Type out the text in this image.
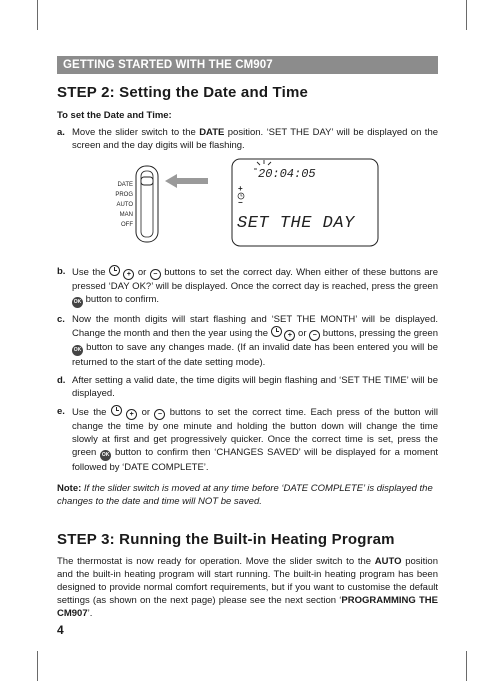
GETTING STARTED WITH THE CM907
STEP 2: Setting the Date and Time
To set the Date and Time:
a. Move the slider switch to the DATE position. ‘SET THE DAY’ will be displayed on the screen and the day digits will be flashing.
DATE
PROG
AUTO
MAN
OFF
+
−
20:04:05
SET THE DAY
b. Use the	+ or − buttons to set the correct day. When either of these buttons are pressed ‘DAY OK?’ will be displayed. Once the correct day is reached, press the green OK button to confirm.
c. Now the month digits will start flashing and ‘SET THE MONTH’ will be displayed. Change the month and then the year using the  + or − buttons, pressing the green OK button to save any changes made. (If an invalid date has been entered you will be returned to the start of the date setting mode).
d. After setting a valid date, the time digits will begin flashing and ‘SET THE TIME’ will be displayed.
e. Use the	+ or − buttons to set the correct time. Each press of the button will change the time by one minute and holding the button down will change the time slowly at first and get progressively quicker. Once the correct time is set, press the green OK button to confirm then ‘CHANGES SAVED’ will be displayed for a moment followed by ‘DATE COMPLETE’.
Note: If the slider switch is moved at any time before ‘DATE COMPLETE’ is displayed the changes to the date and time will NOT be saved.
STEP 3: Running the Built-in Heating Program
The thermostat is now ready for operation. Move the slider switch to the AUTO position and the built-in heating program will start running. The built-in heating program has been designed to provide normal comfort requirements, but if you want to customise the default settings (as shown on the next page) please see the next section ‘PROGRAMMING THE CM907’.
4
